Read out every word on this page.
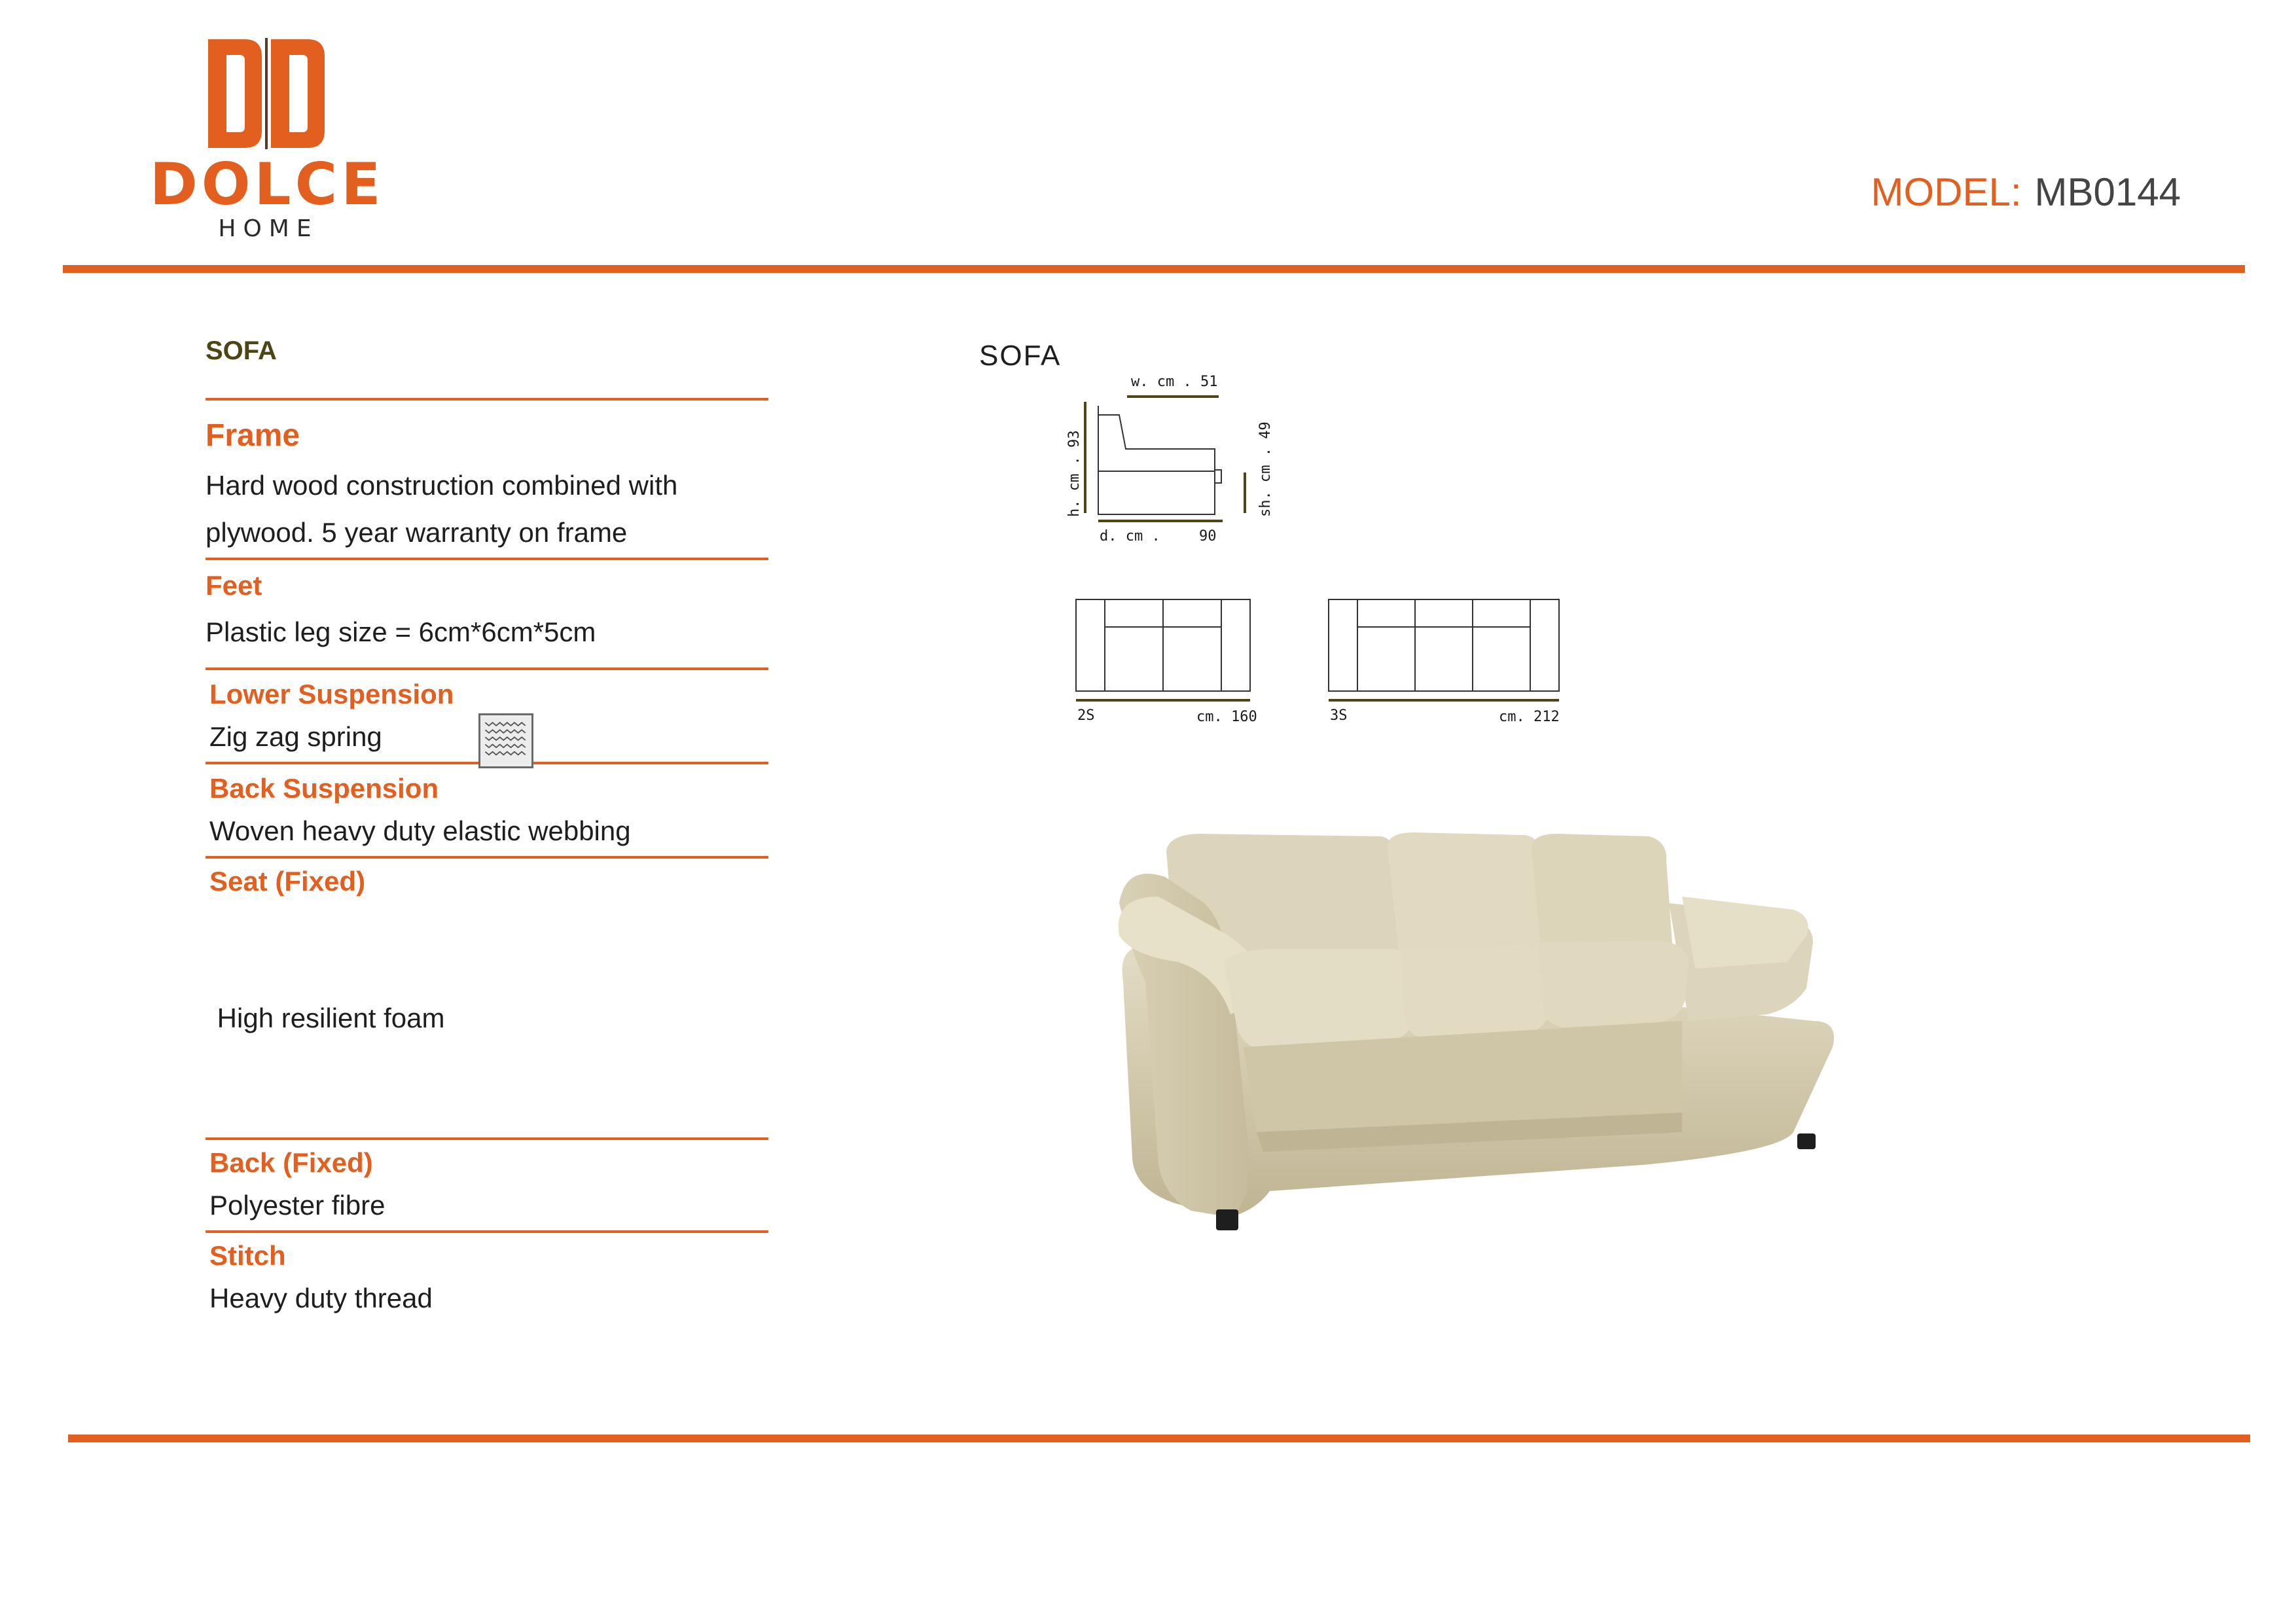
DOLCE
HOME
MODEL: MB0144
SOFA
Frame
Hard wood construction combined with
plywood. 5 year warranty on frame
Feet
Plastic leg size = 6cm*6cm*5cm
Lower Suspension
Zig zag spring
Back Suspension
Woven heavy duty elastic webbing
Seat (Fixed)

High resilient foam

Back (Fixed)
Polyester fibre
Stitch
Heavy duty thread
SOFA
w. cm . 51
h. cm . 93	sh. cm . 49
d. cm .	90
2S	cm. 160	3S	cm. 212
